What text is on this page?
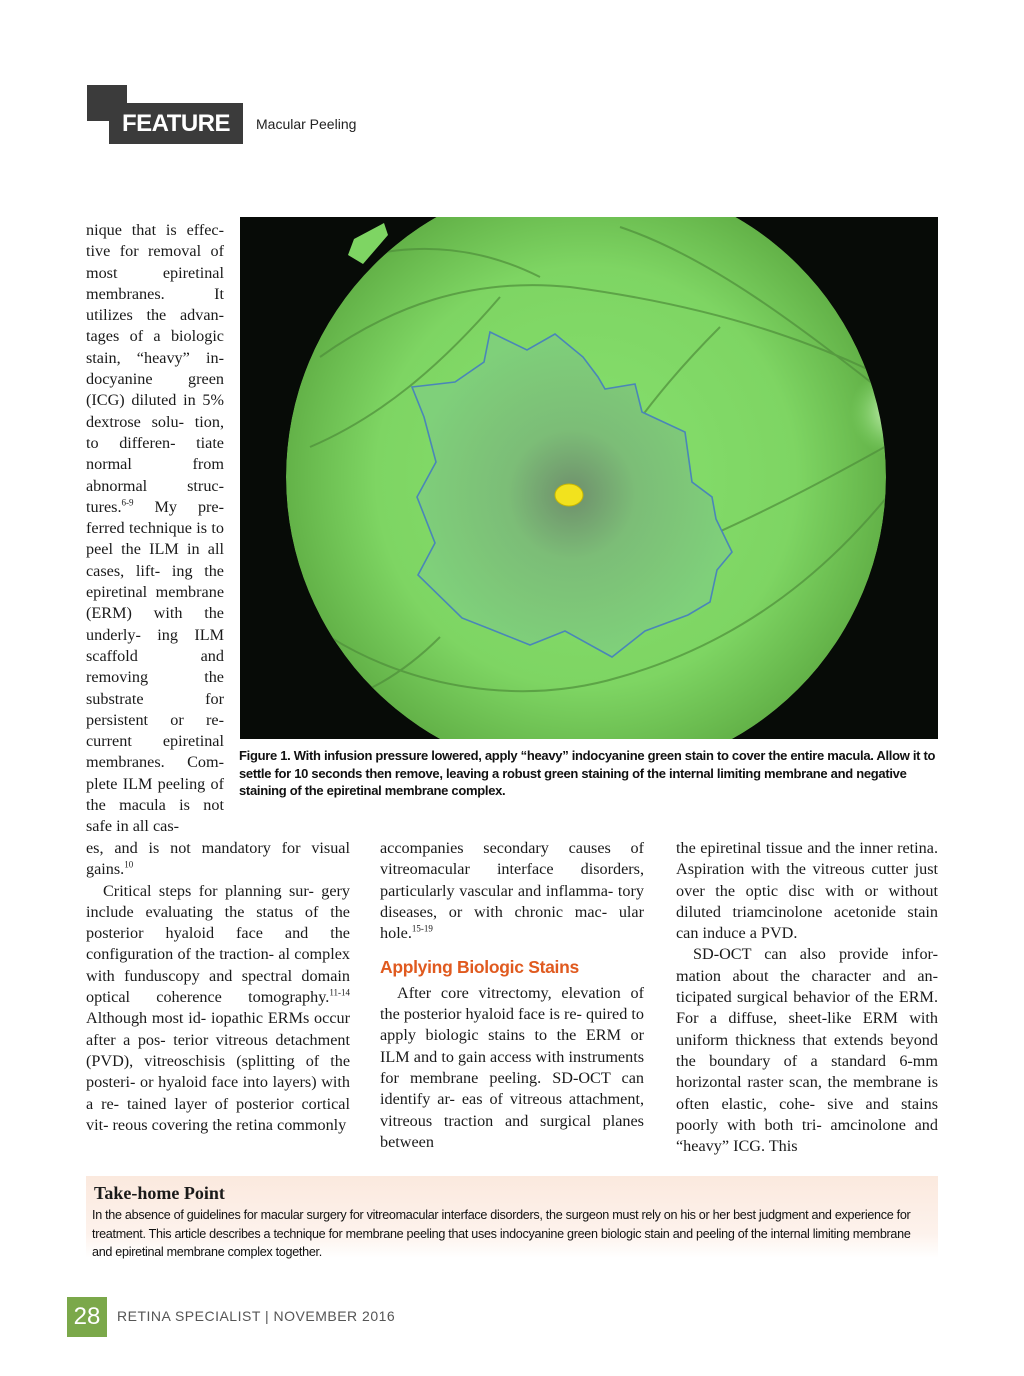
FEATURE	Macular Peeling

nique that is effec- tive for removal of most epiretinal membranes. It utilizes the advan- tages of a biologic stain, “heavy” in- docyanine green (ICG) diluted in 5% dextrose solu- tion, to differen- tiate normal from abnormal struc- tures.$^{6-9}$ My pre- ferred technique is to peel the ILM in all cases, lift- ing the epiretinal membrane (ERM) with the underly- ing ILM scaffold and removing the substrate for persistent or re- current epiretinal membranes. Com- plete ILM peeling of the macula is not safe in all cas-

Figure 1. With infusion pressure lowered, apply “heavy” indocyanine green stain to cover the entire macula. Allow it to settle for 10 seconds then remove, leaving a robust green staining of the internal limiting membrane and negative staining of the epiretinal membrane complex.

es, and is not mandatory for visual gains.$^{10}$

Critical steps for planning sur- gery include evaluating the status of the posterior hyaloid face and the configuration of the traction- al complex with funduscopy and spectral domain optical coherence tomography.$^{11-14}$ Although most id- iopathic ERMs occur after a pos- terior vitreous detachment (PVD), vitreoschisis (splitting of the posteri- or hyaloid face into layers) with a re- tained layer of posterior cortical vit- reous covering the retina commonly

accompanies secondary causes of vitreomacular interface disorders, particularly vascular and inflamma- tory diseases, or with chronic mac- ular hole.$^{15-19}$

Applying Biologic Stains

After core vitrectomy, elevation of the posterior hyaloid face is re- quired to apply biologic stains to the ERM or ILM and to gain access with instruments for membrane peeling. SD-OCT can identify ar- eas of vitreous attachment, vitreous traction and surgical planes between

the epiretinal tissue and the inner retina. Aspiration with the vitreous cutter just over the optic disc with or without diluted triamcinolone acetonide stain can induce a PVD.

SD-OCT can also provide infor- mation about the character and an- ticipated surgical behavior of the ERM. For a diffuse, sheet-like ERM with uniform thickness that extends beyond the boundary of a standard 6-mm horizontal raster scan, the membrane is often elastic, cohe- sive and stains poorly with both tri- amcinolone and “heavy” ICG. This

Take-home Point
In the absence of guidelines for macular surgery for vitreomacular interface disorders, the surgeon must rely on his or her best judgment and experience for treatment. This article describes a technique for membrane peeling that uses indocyanine green biologic stain and peeling of the internal limiting membrane and epiretinal membrane complex together.
28	RETINA SPECIALIST | NOVEMBER 2016
